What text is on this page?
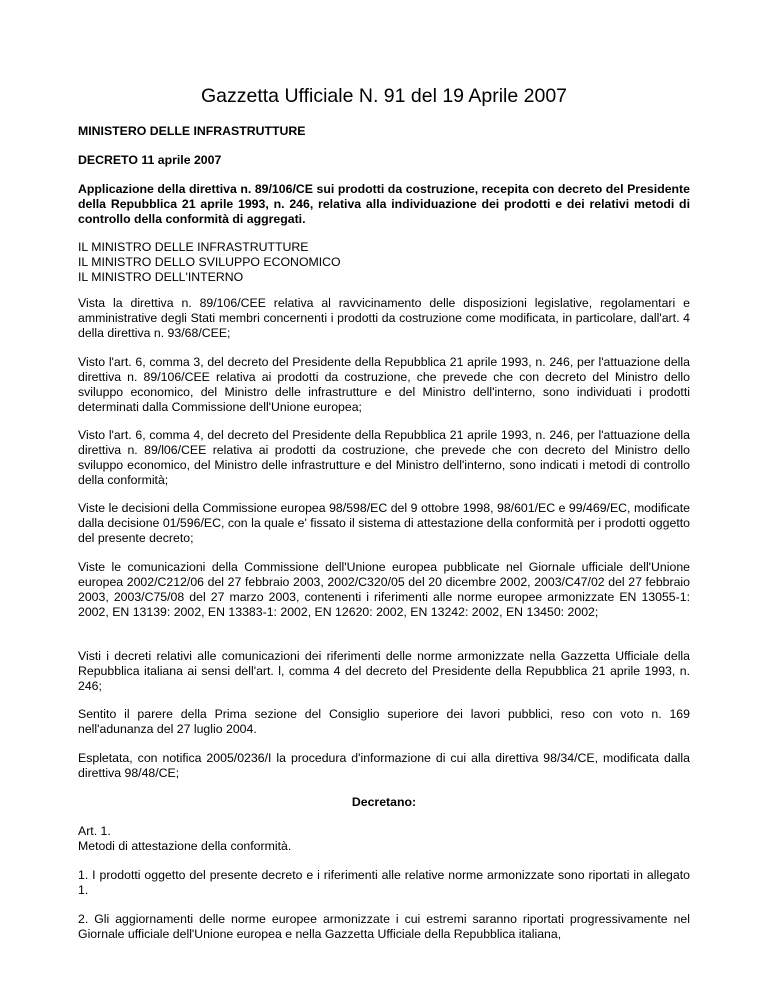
Gazzetta Ufficiale N. 91 del 19 Aprile 2007

MINISTERO DELLE INFRASTRUTTURE

DECRETO 11 aprile 2007

Applicazione della direttiva n. 89/106/CE sui prodotti da costruzione, recepita con decreto del Presidente della Repubblica 21 aprile 1993, n. 246, relativa alla individuazione dei prodotti e dei relativi metodi di controllo della conformità di aggregati.

IL MINISTRO DELLE INFRASTRUTTURE
IL MINISTRO DELLO SVILUPPO ECONOMICO
IL MINISTRO DELL'INTERNO

Vista la direttiva n. 89/106/CEE relativa al ravvicinamento delle disposizioni legislative, regolamentari e amministrative degli Stati membri concernenti i prodotti da costruzione come modificata, in particolare, dall'art. 4 della direttiva n. 93/68/CEE;

Visto l'art. 6, comma 3, del decreto del Presidente della Repubblica 21 aprile 1993, n. 246, per l'attuazione della direttiva n. 89/106/CEE relativa ai prodotti da costruzione, che prevede che con decreto del Ministro dello sviluppo economico, del Ministro delle infrastrutture e del Ministro dell'interno, sono individuati i prodotti determinati dalla Commissione dell'Unione europea;

Visto l'art. 6, comma 4, del decreto del Presidente della Repubblica 21 aprile 1993, n. 246, per l'attuazione della direttiva n. 89/l06/CEE relativa ai prodotti da costruzione, che prevede che con decreto del Ministro dello sviluppo economico, del Ministro delle infrastrutture e del Ministro dell'interno, sono indicati i metodi di controllo della conformità;

Viste le decisioni della Commissione europea 98/598/EC del 9 ottobre 1998, 98/601/EC e 99/469/EC, modificate dalla decisione 01/596/EC, con la quale e' fissato il sistema di attestazione della conformità per i prodotti oggetto del presente decreto;

Viste le comunicazioni della Commissione dell'Unione europea pubblicate nel Giornale ufficiale dell'Unione europea 2002/C212/06 del 27 febbraio 2003, 2002/C320/05 del 20 dicembre 2002, 2003/C47/02 del 27 febbraio 2003, 2003/C75/08 del 27 marzo 2003, contenenti i riferimenti alle norme europee armonizzate EN 13055-1: 2002, EN 13139: 2002, EN 13383-1: 2002, EN 12620: 2002, EN 13242: 2002, EN 13450: 2002;

Visti i decreti relativi alle comunicazioni dei riferimenti delle norme armonizzate nella Gazzetta Ufficiale della Repubblica italiana ai sensi dell'art. l, comma 4 del decreto del Presidente della Repubblica 21 aprile 1993, n. 246;

Sentito il parere della Prima sezione del Consiglio superiore dei lavori pubblici, reso con voto n. 169 nell'adunanza del 27 luglio 2004.

Espletata, con notifica 2005/0236/I la procedura d'informazione di cui alla direttiva 98/34/CE, modificata dalla direttiva 98/48/CE;

Decretano:

Art. 1.
Metodi di attestazione della conformità.

1. I prodotti oggetto del presente decreto e i riferimenti alle relative norme armonizzate sono riportati in allegato 1.

2. Gli aggiornamenti delle norme europee armonizzate i cui estremi saranno riportati progressivamente nel Giornale ufficiale dell'Unione europea e nella Gazzetta Ufficiale della Repubblica italiana,
